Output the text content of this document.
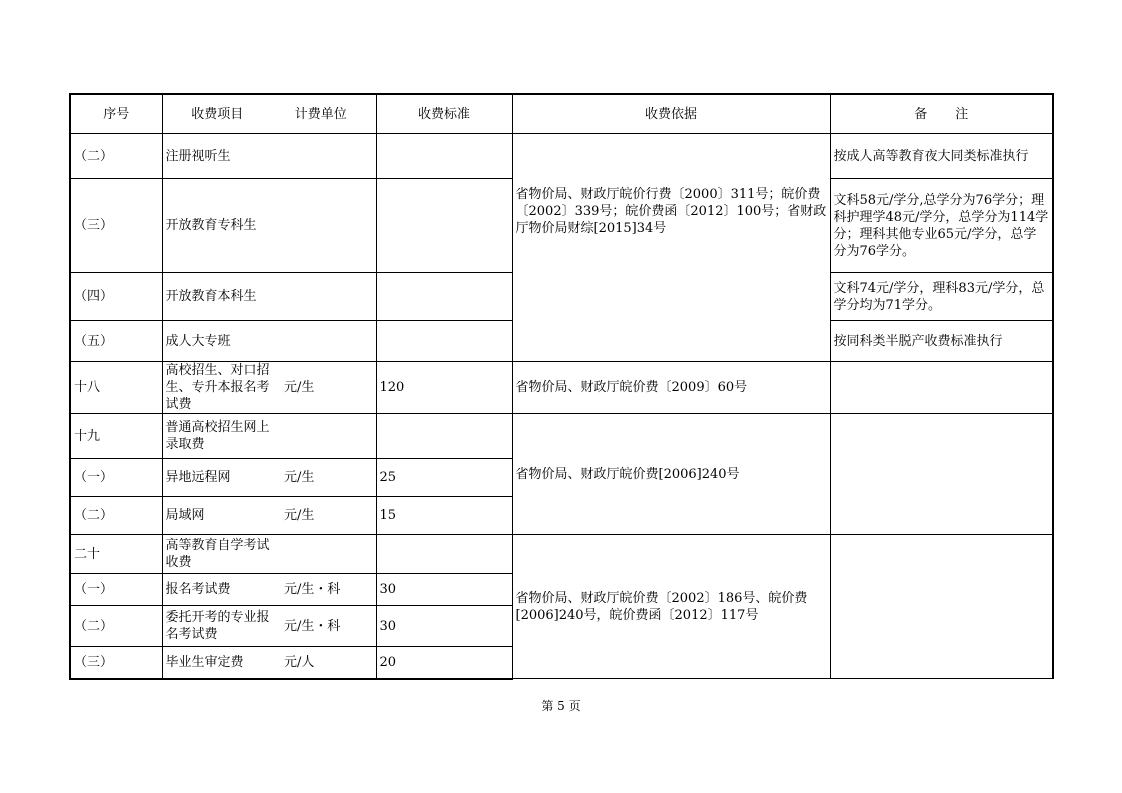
序号	收费项目 计费单位		收费标准	收费依据	备 注
（二）	注册视听生			省物价局、财政厅皖价行费〔2000〕311号；皖价费〔2002〕339号；皖价费函〔2012〕100号；省财政厅物价局财综[2015]34号	按成人高等教育夜大同类标准执行
（三）	开放教育专科生				文科58元/学分,总学分为76学分；理科护理学48元/学分，总学分为114学分；理科其他专业65元/学分，总学分为76学分。
（四）	开放教育本科生				文科74元/学分，理科83元/学分，总学分均为71学分。
（五）	成人大专班				按同科类半脱产收费标准执行
十八	高校招生、对口招生、专升本报名考试费	元/生	120	省物价局、财政厅皖价费〔2009〕60号	
十九	普通高校招生网上录取费			省物价局、财政厅皖价费[2006]240号	
（一）	异地远程网	元/生	25		
（二）	局域网	元/生	15		
二十	高等教育自学考试收费			省物价局、财政厅皖价费〔2002〕186号、皖价费[2006]240号，皖价费函〔2012〕117号	
（一）	报名考试费	元/生・科	30		
（二）	委托开考的专业报名考试费	元/生・科	30		
（三）	毕业生审定费	元/人	20		
第 5 页
